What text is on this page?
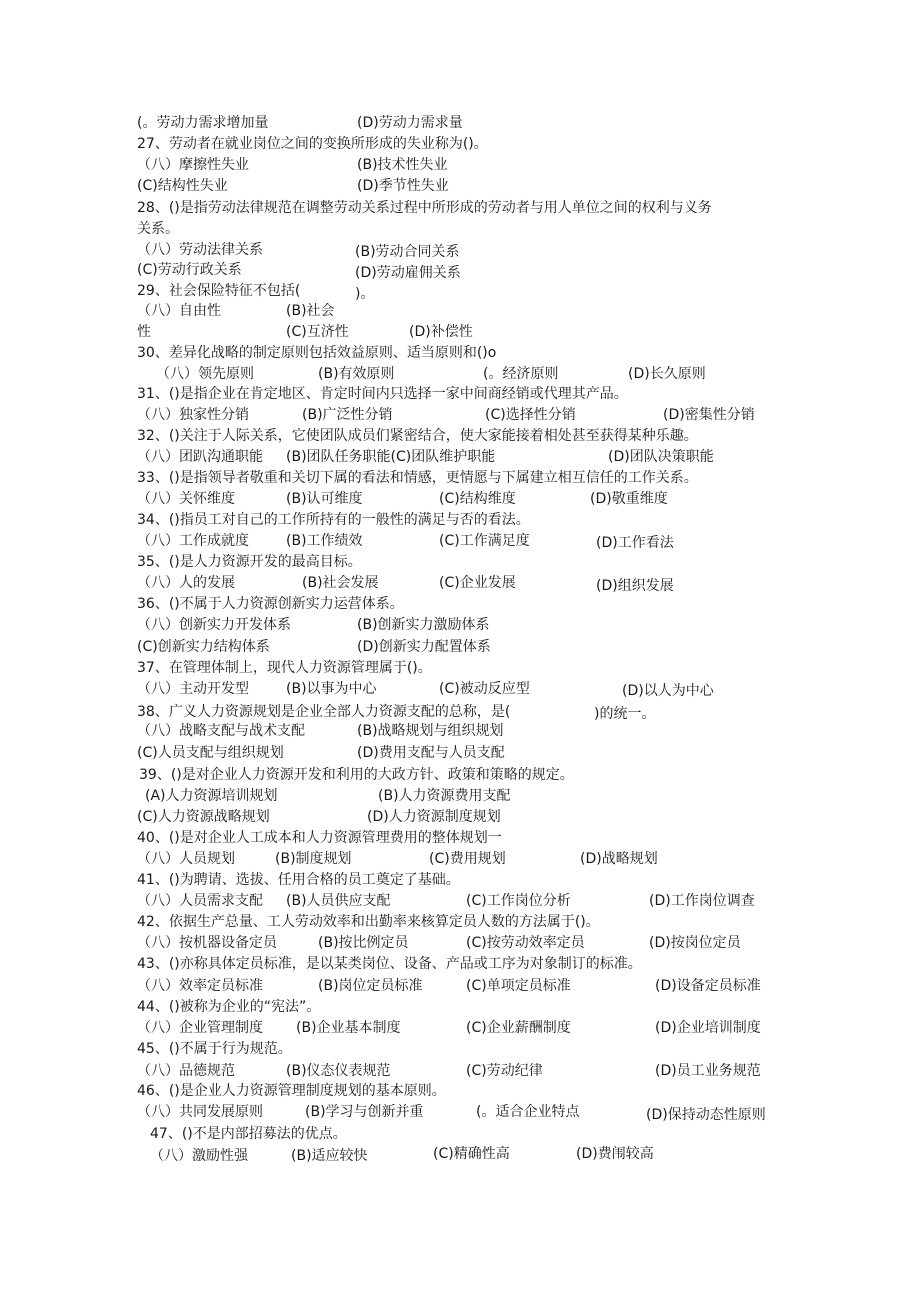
(。劳动力需求增加量	(D)劳动力需求量
27、劳动者在就业岗位之间的变换所形成的失业称为()。
（八）摩擦性失业	(B)技术性失业
(C)结构性失业	(D)季节性失业
28、()是指劳动法律规范在调整劳动关系过程中所形成的劳动者与用人单位之间的权利与义务
关系。
（八）劳动法律关系	(B)劳动合同关系
(C)劳动行政关系	(D)劳动雇佣关系
29、社会保险特征不包括(	)。
（八）自由性	(B)社会
性	(C)互济性	(D)补偿性
30、差异化战略的制定原则包括效益原则、适当原则和()o
（八）领先原则	(B)有效原则	(。经济原则	(D)长久原则
31、()是指企业在肯定地区、肯定时间内只选择一家中间商经销或代理其产品。
（八）独家性分销	(B)广泛性分销	(C)选择性分销	(D)密集性分销
32、()关注于人际关系，它使团队成员们紧密结合，使大家能接着相处甚至获得某种乐趣。
（八）团趴沟通职能 (B)团队任务职能(C)团队维护职能	(D)团队决策职能
33、()是指领导者敬重和关切下属的看法和情感，更情愿与下属建立相互信任的工作关系。
（八）关怀维度	(B)认可维度	(C)结构维度	(D)敬重维度
34、()指员工对自己的工作所持有的一般性的满足与否的看法。
（八）工作成就度	(B)工作绩效	(C)工作满足度	(D)工作看法
35、()是人力资源开发的最高目标。
（八）人的发展	(B)社会发展	(C)企业发展	(D)组织发展
36、()不属于人力资源创新实力运营体系。
（八）创新实力开发体系	(B)创新实力激励体系
(C)创新实力结构体系	(D)创新实力配置体系
37、在管理体制上，现代人力资源管理属于()。
（八）主动开发型	(B)以事为中心	(C)被动反应型	(D)以人为中心
38、广义人力资源规划是企业全部人力资源支配的总称，是(	)的统一。
（八）战略支配与战术支配	(B)战略规划与组织规划
(C)人员支配与组织规划	(D)费用支配与人员支配
39、()是对企业人力资源开发和利用的大政方针、政策和策略的规定。
(A)人力资源培训规划	(B)人力资源费用支配
(C)人力资源战略规划	(D)人力资源制度规划
40、()是对企业人工成本和人力资源管理费用的整体规划一
（八）人员规划	(B)制度规划	(C)费用规划	(D)战略规划
41、()为聘请、选拔、任用合格的员工奠定了基础。
（八）人员需求支配 (B)人员供应支配	(C)工作岗位分析	(D)工作岗位调查
42、依据生产总量、工人劳动效率和出勤率来核算定员人数的方法属于()。
（八）按机器设备定员	(B)按比例定员	(C)按劳动效率定员	(D)按岗位定员
43、()亦称具体定员标准，是以某类岗位、设备、产品或工序为对象制订的标准。
（八）效率定员标准	(B)岗位定员标准	(C)单项定员标准	(D)设备定员标准
44、()被称为企业的“宪法”。
（八）企业管理制度 (B)企业基本制度	(C)企业薪酬制度	(D)企业培训制度
45、()不属于行为规范。
（八）品德规范	(B)仪态仪表规范	(C)劳动纪律	(D)员工业务规范
46、()是企业人力资源管理制度规划的基本原则。
（八）共同发展原则	(B)学习与创新并重	(。适合企业特点	(D)保持动态性原则
47、()不是内部招募法的优点。
（八）激励性强	(B)适应较快	(C)精确性高	(D)费闱较高
